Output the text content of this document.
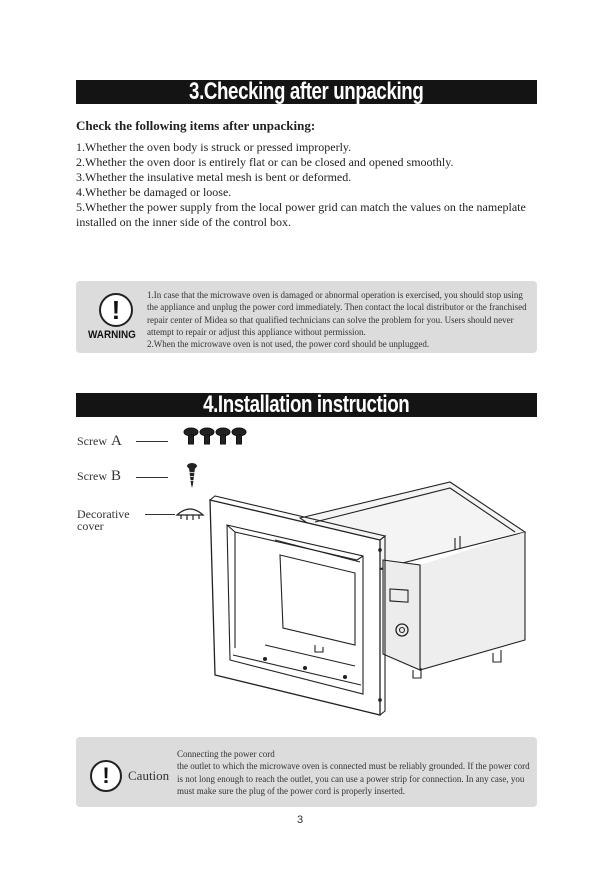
3.Checking after unpacking
Check the following items after unpacking:
1.Whether the oven body is struck or pressed improperly.
2.Whether the oven door is entirely flat or can be closed and opened smoothly.
3.Whether the insulative metal mesh is bent or deformed.
4.Whether be damaged or loose.
5.Whether the power supply from the local power grid can match the values on the nameplate installed on the inner side of the control box.
!
WARNING
1.In case that the microwave oven is damaged or abnormal operation is exercised, you should stop using the appliance and unplug the power cord immediately. Then contact the local distributor or the franchised repair center of Midea so that qualified technicians can solve the problem for you. Users should never attempt to repair or adjust this appliance without permission.
2.When the microwave oven is not used, the power cord should be unplugged.
4.Installation instruction
Screw A
Screw B
Decorative cover
!	Caution
Connecting the power cord
the outlet to which the microwave oven is connected must be reliably grounded. If the power cord is not long enough to reach the outlet, you can use a power strip for connection. In any case, you must make sure the plug of the power cord is properly inserted.
3
